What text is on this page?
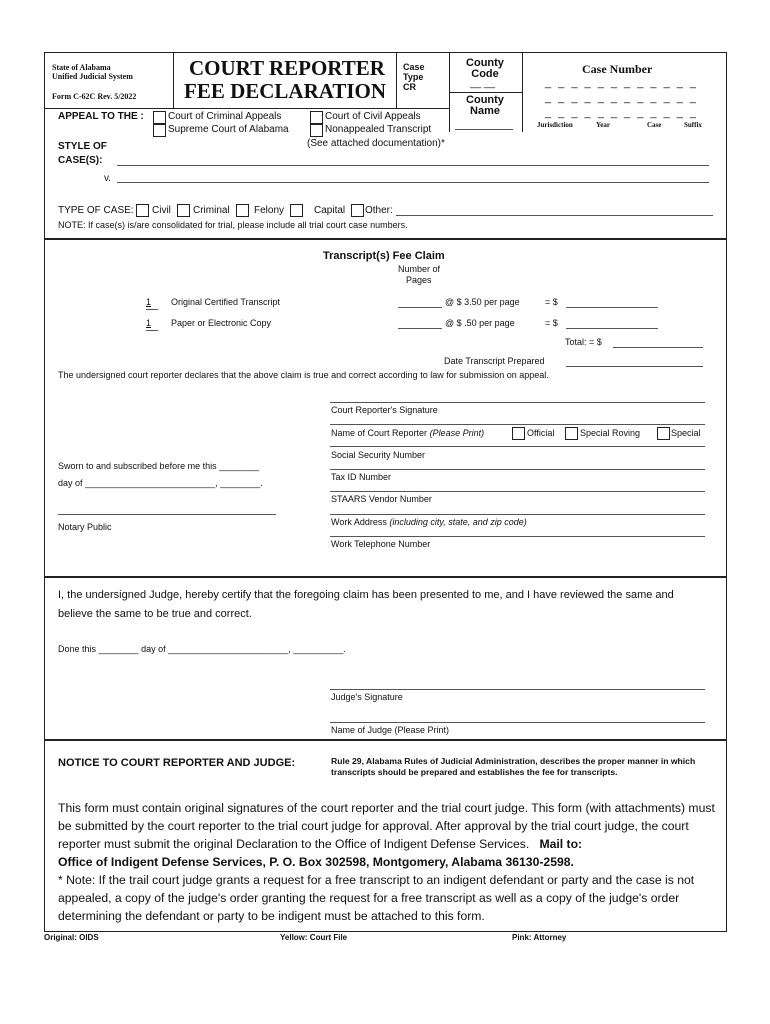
State of Alabama
Unified Judicial System
Form C-62C Rev. 5/2022
COURT REPORTER
FEE DECLARATION
Case Type
CR
County Code
__ __
County Name
Case Number
_ _ _ _ _ _ _ _ _ _ _ _
_ _ _ _ _ _ _ _ _ _ _ _
_ _ _ _ _ _ _ _ _ _ _ _
Jurisdiction	Year	Case	Suffix
APPEAL TO THE : Court of Criminal Appeals	Court of Civil Appeals
Supreme Court of Alabama	Nonappealed Transcript
(See attached documentation)*
STYLE OF
CASE(S):
v.
TYPE OF CASE: Civil Criminal Felony	Capital Other:
NOTE: If case(s) is/are consolidated for trial, please include all trial court case numbers.
Transcript(s) Fee Claim
Number of
Pages
1 Original Certified Transcript	@ $ 3.50 per page	= $
1 Paper or Electronic Copy	@ $ .50 per page	= $
Total: = $
Date Transcript Prepared
The undersigned court reporter declares that the above claim is true and correct according to law for submission on appeal.
Court Reporter's Signature
Name of Court Reporter (Please Print)	Official	Special Roving	Special
Social Security Number
Tax ID Number
STAARS Vendor Number
Work Address (including city, state, and zip code)
Work Telephone Number
Sworn to and subscribed before me this ________
day of __________________________, ________.
Notary Public
I, the undersigned Judge, hereby certify that the foregoing claim has been presented to me, and I have reviewed the same and
believe the same to be true and correct.
Done this ________ day of ________________________, __________.
Judge's Signature
Name of Judge (Please Print)
NOTICE TO COURT REPORTER AND JUDGE:	Rule 29, Alabama Rules of Judicial Administration, describes the proper manner in which transcripts should be prepared and establishes the fee for transcripts.
This form must contain original signatures of the court reporter and the trial court judge. This form (with attachments) must be submitted by the court reporter to the trial court judge for approval. After approval by the trial court judge, the court reporter must submit the original Declaration to the Office of Indigent Defense Services. Mail to:
Office of Indigent Defense Services, P. O. Box 302598, Montgomery, Alabama 36130-2598.
* Note: If the trail court judge grants a request for a free transcript to an indigent defendant or party and the case is not appealed, a copy of the judge's order granting the request for a free transcript as well as a copy of the judge's order determining the defendant or party to be indigent must be attached to this form.
Original: OIDS	Yellow: Court File	Pink: Attorney
